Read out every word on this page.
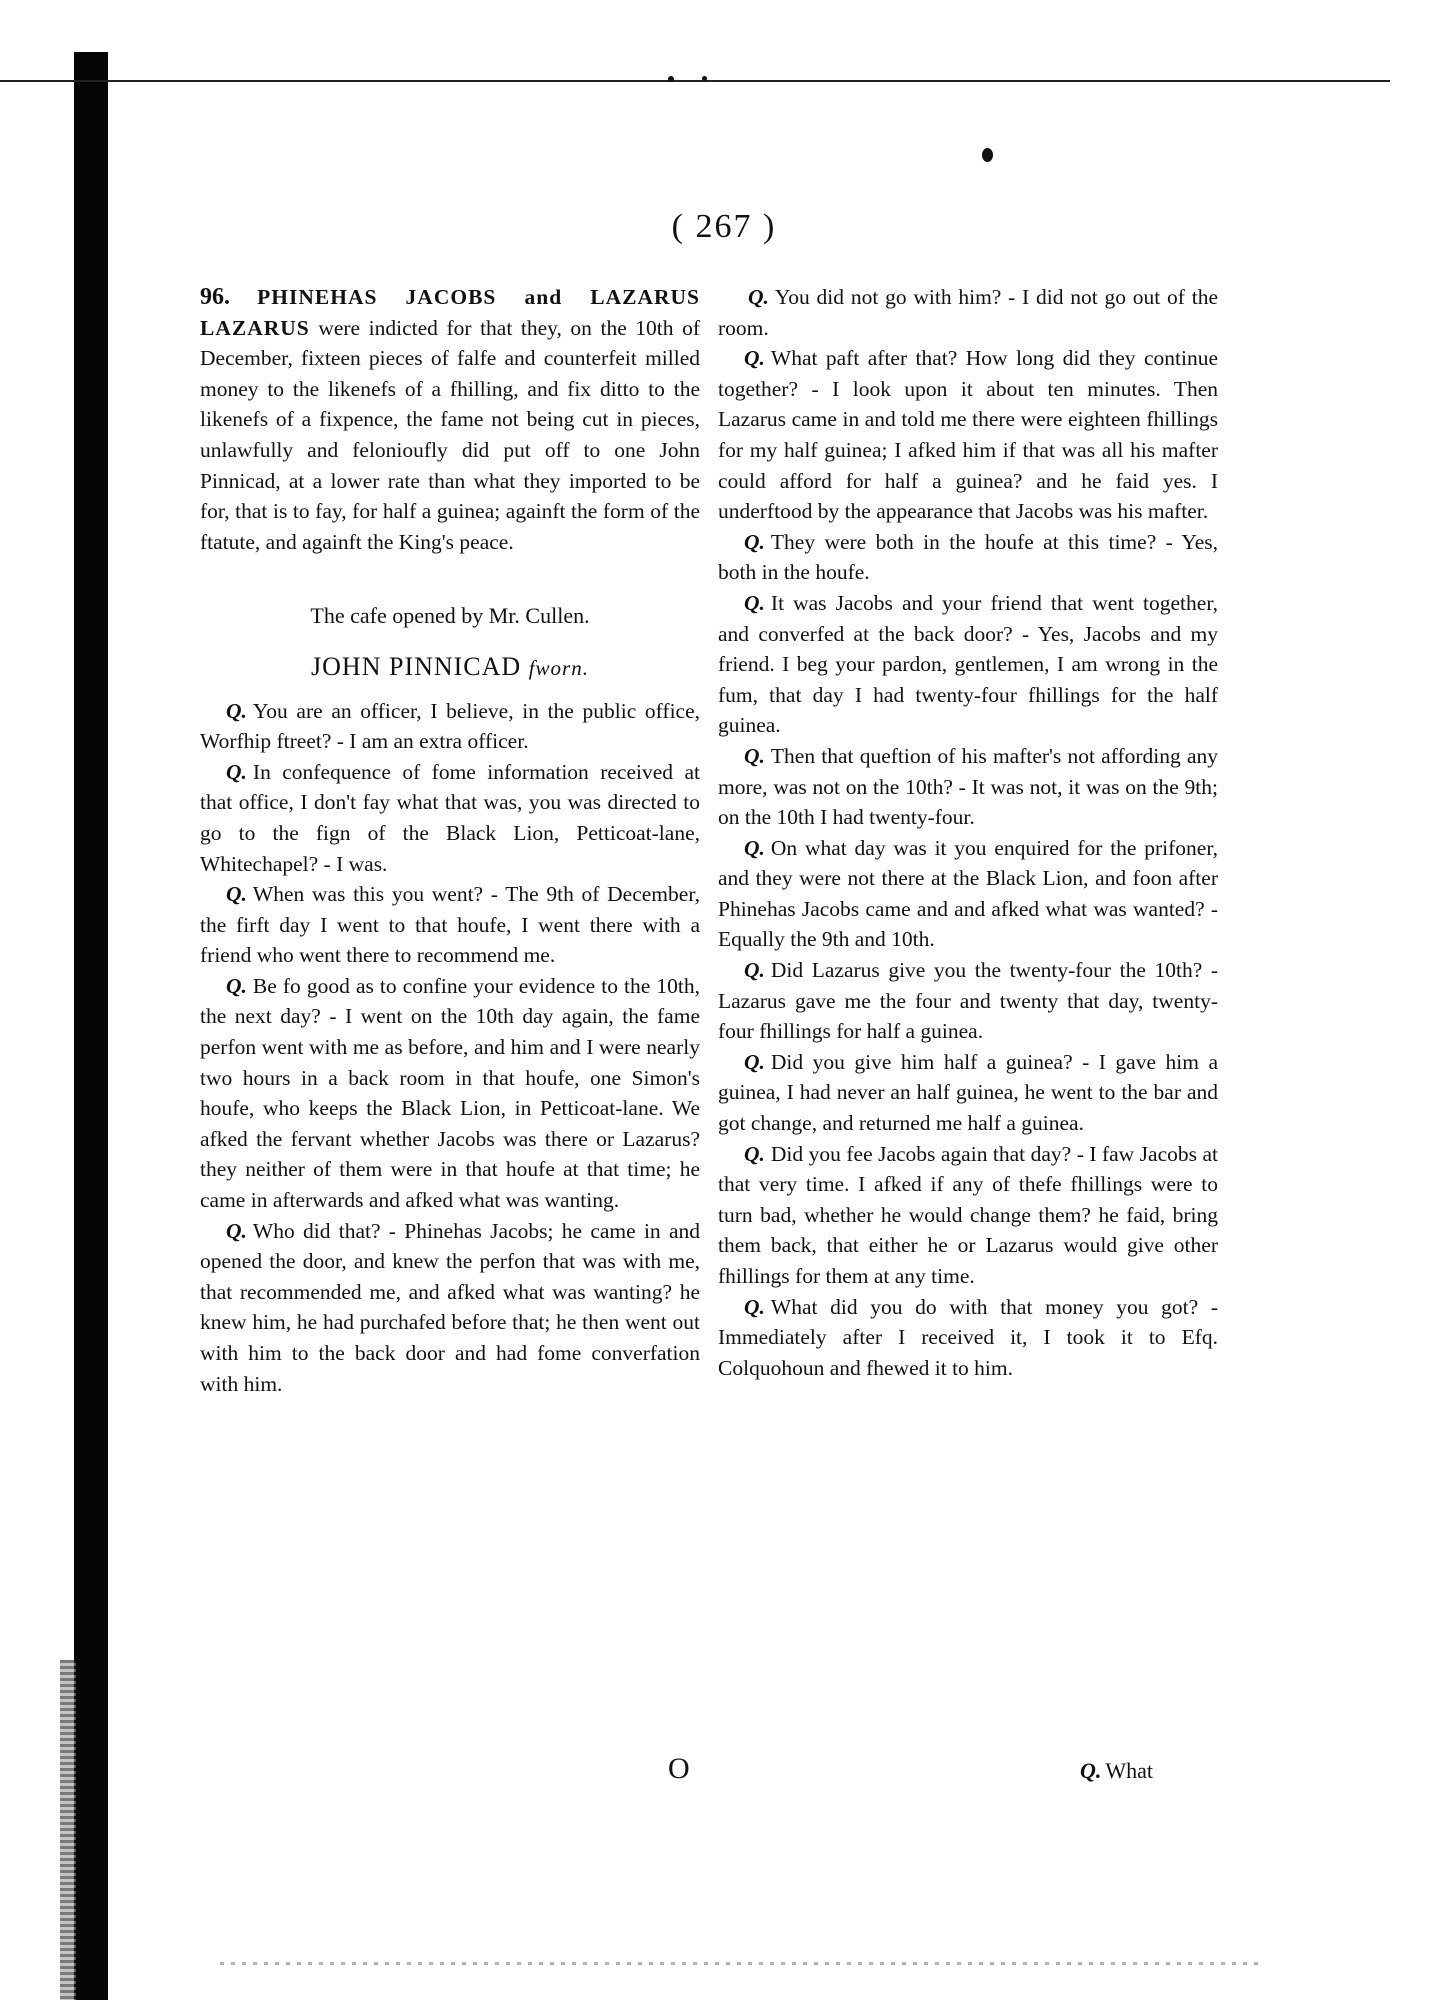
( 267 )

96. PHINEHAS JACOBS and LAZARUS LAZARUS were indicted for that they, on the 10th of December, fixteen pieces of falfe and counterfeit milled money to the likenefs of a fhilling, and fix ditto to the likenefs of a fixpence, the fame not being cut in pieces, unlawfully and felonioufly did put off to one John Pinnicad, at a lower rate than what they imported to be for, that is to fay, for half a guinea; againft the form of the ftatute, and againft the King's peace.

The cafe opened by Mr. Cullen.

JOHN PINNICAD fworn.

Q. You are an officer, I believe, in the public office, Worfhip ftreet? - I am an extra officer.

Q. In confequence of fome information received at that office, I don't fay what that was, you was directed to go to the fign of the Black Lion, Petticoat-lane, Whitechapel? - I was.

Q. When was this you went? - The 9th of December, the firft day I went to that houfe, I went there with a friend who went there to recommend me.

Q. Be fo good as to confine your evidence to the 10th, the next day? - I went on the 10th day again, the fame perfon went with me as before, and him and I were nearly two hours in a back room in that houfe, one Simon's houfe, who keeps the Black Lion, in Petticoat-lane. We afked the fervant whether Jacobs was there or Lazarus? they neither of them were in that houfe at that time; he came in afterwards and afked what was wanting.

Q. Who did that? - Phinehas Jacobs; he came in and opened the door, and knew the perfon that was with me, that recommended me, and afked what was wanting? he knew him, he had purchafed before that; he then went out with him to the back door and had fome converfation with him.

Q. You did not go with him? - I did not go out of the room.

Q. What paft after that? How long did they continue together? - I look upon it about ten minutes. Then Lazarus came in and told me there were eighteen fhillings for my half guinea; I afked him if that was all his mafter could afford for half a guinea? and he faid yes. I underftood by the appearance that Jacobs was his mafter.

Q. They were both in the houfe at this time? - Yes, both in the houfe.

Q. It was Jacobs and your friend that went together, and converfed at the back door? - Yes, Jacobs and my friend. I beg your pardon, gentlemen, I am wrong in the fum, that day I had twenty-four fhillings for the half guinea.

Q. Then that queftion of his mafter's not affording any more, was not on the 10th? - It was not, it was on the 9th; on the 10th I had twenty-four.

Q. On what day was it you enquired for the prifoner, and they were not there at the Black Lion, and foon after Phinehas Jacobs came and and afked what was wanted? - Equally the 9th and 10th.

Q. Did Lazarus give you the twenty-four the 10th? - Lazarus gave me the four and twenty that day, twenty-four fhillings for half a guinea.

Q. Did you give him half a guinea? - I gave him a guinea, I had never an half guinea, he went to the bar and got change, and returned me half a guinea.

Q. Did you fee Jacobs again that day? - I faw Jacobs at that very time. I afked if any of thefe fhillings were to turn bad, whether he would change them? he faid, bring them back, that either he or Lazarus would give other fhillings for them at any time.

Q. What did you do with that money you got? - Immediately after I received it, I took it to Efq. Colquohoun and fhewed it to him.

O	Q. What
